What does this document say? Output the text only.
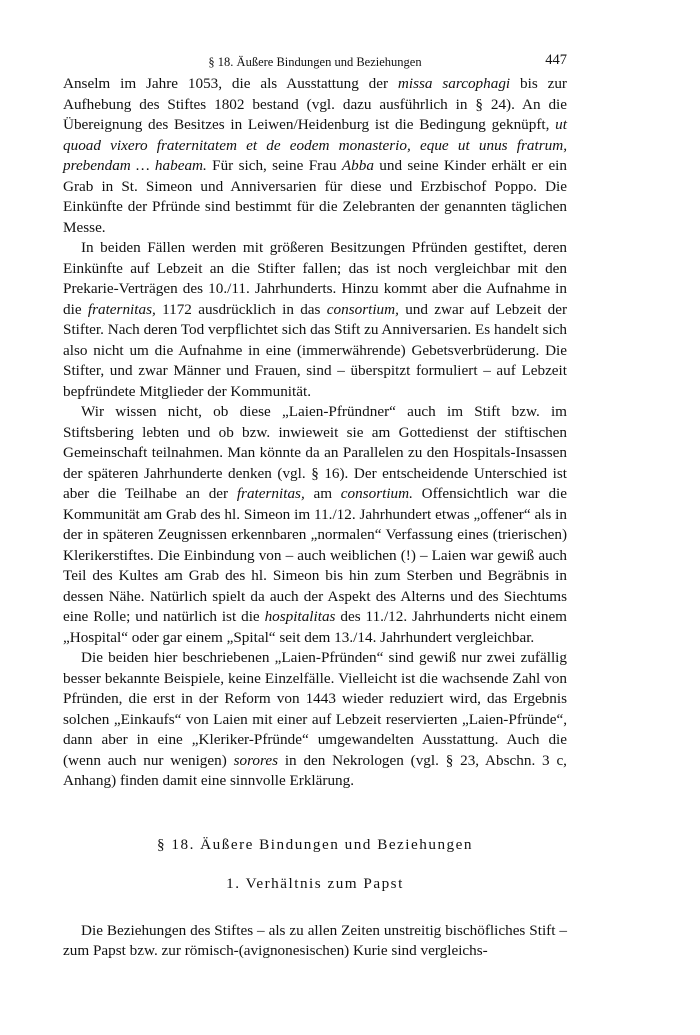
§ 18. Äußere Bindungen und Beziehungen	447

Anselm im Jahre 1053, die als Ausstattung der missa sarcophagi bis zur Aufhebung des Stiftes 1802 bestand (vgl. dazu ausführlich in § 24). An die Übereignung des Besitzes in Leiwen/Heidenburg ist die Bedingung geknüpft, ut quoad vixero fraternitatem et de eodem monasterio, eque ut unus fratrum, prebendam … habeam. Für sich, seine Frau Abba und seine Kinder erhält er ein Grab in St. Simeon und Anniversarien für diese und Erzbischof Poppo. Die Einkünfte der Pfründe sind bestimmt für die Zelebranten der genannten täglichen Messe.

In beiden Fällen werden mit größeren Besitzungen Pfründen gestiftet, deren Einkünfte auf Lebzeit an die Stifter fallen; das ist noch vergleichbar mit den Prekarie-Verträgen des 10./11. Jahrhunderts. Hinzu kommt aber die Aufnahme in die fraternitas, 1172 ausdrücklich in das consortium, und zwar auf Lebzeit der Stifter. Nach deren Tod verpflichtet sich das Stift zu Anniversarien. Es handelt sich also nicht um die Aufnahme in eine (immerwährende) Gebetsverbrüderung. Die Stifter, und zwar Männer und Frauen, sind – überspitzt formuliert – auf Lebzeit bepfründete Mitglieder der Kommunität.

Wir wissen nicht, ob diese „Laien-Pfründner“ auch im Stift bzw. im Stiftsbering lebten und ob bzw. inwieweit sie am Gottedienst der stiftischen Gemeinschaft teilnahmen. Man könnte da an Parallelen zu den Hospitals-Insassen der späteren Jahrhunderte denken (vgl. § 16). Der entscheidende Unterschied ist aber die Teilhabe an der fraternitas, am consortium. Offensichtlich war die Kommunität am Grab des hl. Simeon im 11./12. Jahrhundert etwas „offener“ als in der in späteren Zeugnissen erkennbaren „normalen“ Verfassung eines (trierischen) Klerikerstiftes. Die Einbindung von – auch weiblichen (!) – Laien war gewiß auch Teil des Kultes am Grab des hl. Simeon bis hin zum Sterben und Begräbnis in dessen Nähe. Natürlich spielt da auch der Aspekt des Alterns und des Siechtums eine Rolle; und natürlich ist die hospitalitas des 11./12. Jahrhunderts nicht einem „Hospital“ oder gar einem „Spital“ seit dem 13./14. Jahrhundert vergleichbar.

Die beiden hier beschriebenen „Laien-Pfründen“ sind gewiß nur zwei zufällig besser bekannte Beispiele, keine Einzelfälle. Vielleicht ist die wachsende Zahl von Pfründen, die erst in der Reform von 1443 wieder reduziert wird, das Ergebnis solchen „Einkaufs“ von Laien mit einer auf Lebzeit reservierten „Laien-Pfründe“, dann aber in eine „Kleriker-Pfründe“ umgewandelten Ausstattung. Auch die (wenn auch nur wenigen) sorores in den Nekrologen (vgl. § 23, Abschn. 3 c, Anhang) finden damit eine sinnvolle Erklärung.

§ 18. Äußere Bindungen und Beziehungen
1. Verhältnis zum Papst

Die Beziehungen des Stiftes – als zu allen Zeiten unstreitig bischöfliches Stift – zum Papst bzw. zur römisch-(avignonesischen) Kurie sind vergleichs-
